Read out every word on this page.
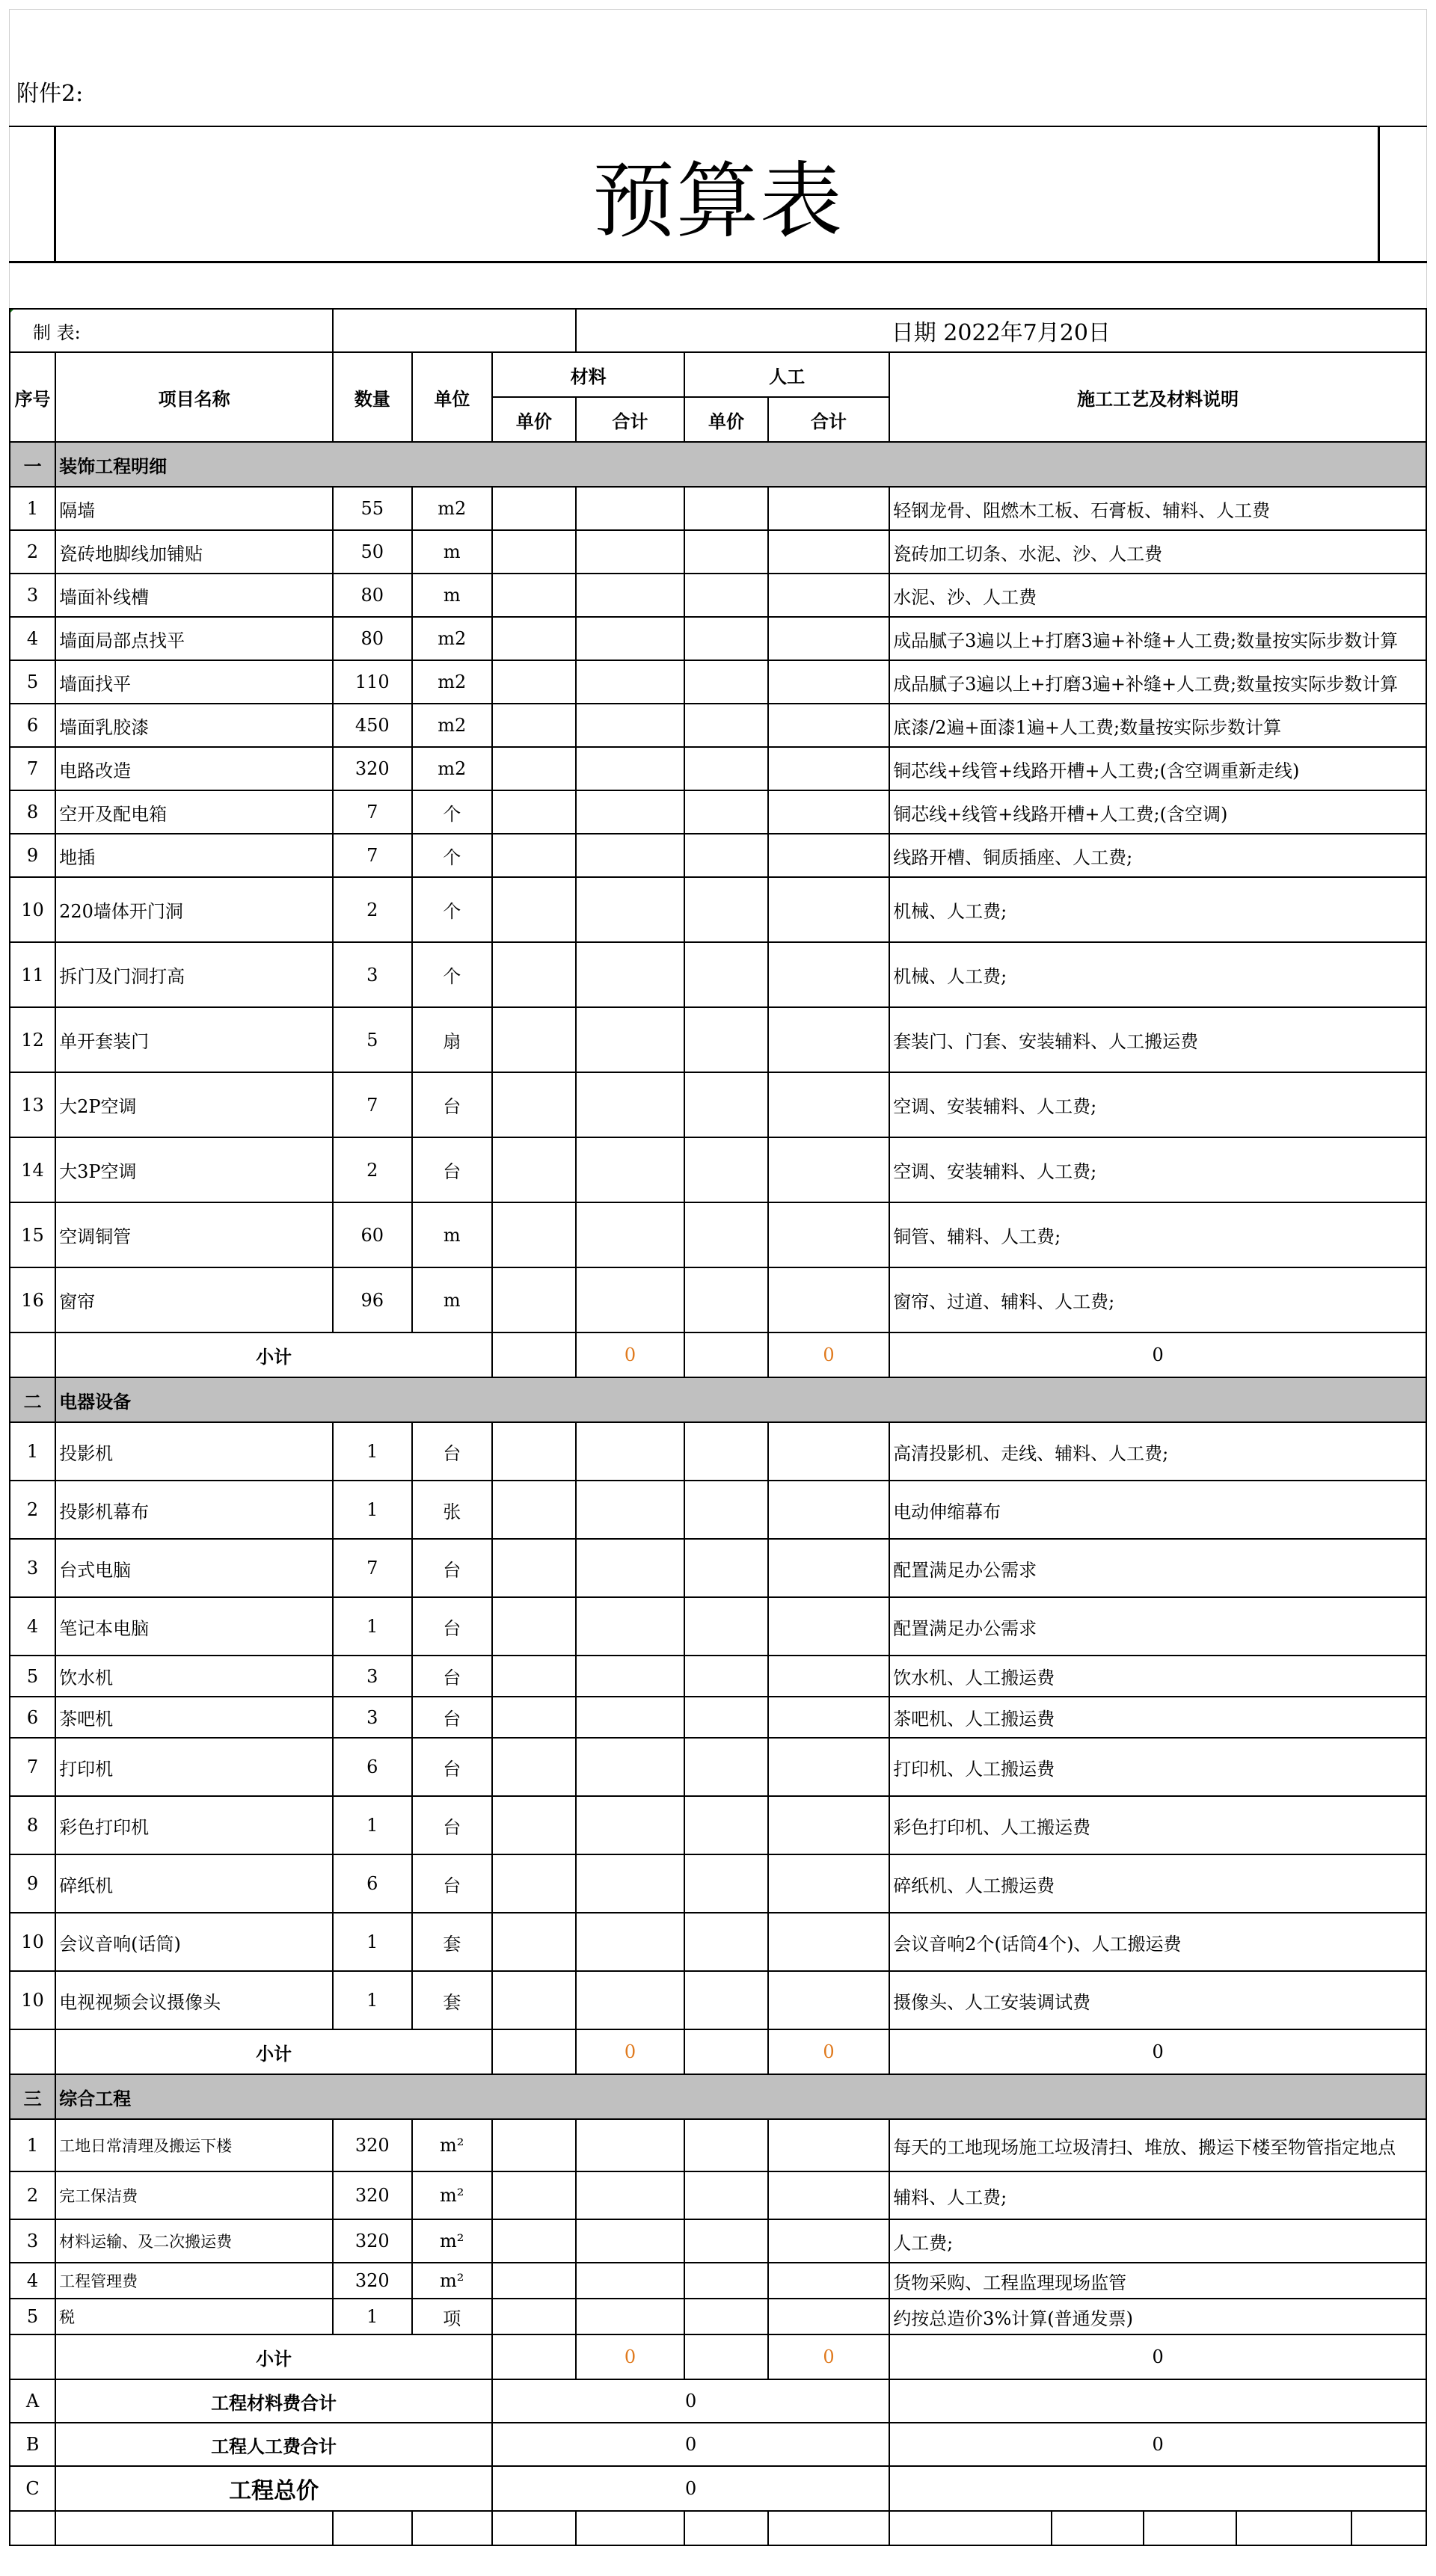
附件2:
预算表
制 表:					日期 2022年7月20日							
序号	项目名称	数量	单位	材料		人工		施工工艺及材料说明				
				单价	合计	单价	合计					
一	装饰工程明细											
1	隔墙	55	m2					轻钢龙骨、阻燃木工板、石膏板、辅料、人工费				
2	瓷砖地脚线加铺贴	50	m					瓷砖加工切条、水泥、沙、人工费				
3	墙面补线槽	80	m					水泥、沙、人工费				
4	墙面局部点找平	80	m2					成品腻子3遍以上+打磨3遍+补缝+人工费;数量按实际步数计算				
5	墙面找平	110	m2					成品腻子3遍以上+打磨3遍+补缝+人工费;数量按实际步数计算				
6	墙面乳胶漆	450	m2					底漆/2遍+面漆1遍+人工费;数量按实际步数计算				
7	电路改造	320	m2					铜芯线+线管+线路开槽+人工费;(含空调重新走线)				
8	空开及配电箱	7	个					铜芯线+线管+线路开槽+人工费;(含空调)				
9	地插	7	个					线路开槽、铜质插座、人工费;				
10	220墙体开门洞	2	个					机械、人工费;				
11	拆门及门洞打高	3	个					机械、人工费;				
12	单开套装门	5	扇					套装门、门套、安装辅料、人工搬运费				
13	大2P空调	7	台					空调、安装辅料、人工费;				
14	大3P空调	2	台					空调、安装辅料、人工费;				
15	空调铜管	60	m					铜管、辅料、人工费;				
16	窗帘	96	m					窗帘、过道、辅料、人工费;				
	小计				0		0	0				
二	电器设备											
1	投影机	1	台					高清投影机、走线、辅料、人工费;				
2	投影机幕布	1	张					电动伸缩幕布				
3	台式电脑	7	台					配置满足办公需求				
4	笔记本电脑	1	台					配置满足办公需求				
5	饮水机	3	台					饮水机、人工搬运费				
6	茶吧机	3	台					茶吧机、人工搬运费				
7	打印机	6	台					打印机、人工搬运费				
8	彩色打印机	1	台					彩色打印机、人工搬运费				
9	碎纸机	6	台					碎纸机、人工搬运费				
10	会议音响(话筒)	1	套					会议音响2个(话筒4个)、人工搬运费				
10	电视视频会议摄像头	1	套					摄像头、人工安装调试费				
	小计				0		0	0				
三	综合工程											
1	工地日常清理及搬运下楼	320	m²					每天的工地现场施工垃圾清扫、堆放、搬运下楼至物管指定地点				
2	完工保洁费	320	m²					辅料、人工费;				
3	材料运输、及二次搬运费	320	m²					人工费;				
4	工程管理费	320	m²					货物采购、工程监理现场监管				
5	税	1	项					约按总造价3%计算(普通发票)				
	小计				0		0	0				
A	工程材料费合计			0								
B	工程人工费合计			0				0				
C	工程总价			0								
